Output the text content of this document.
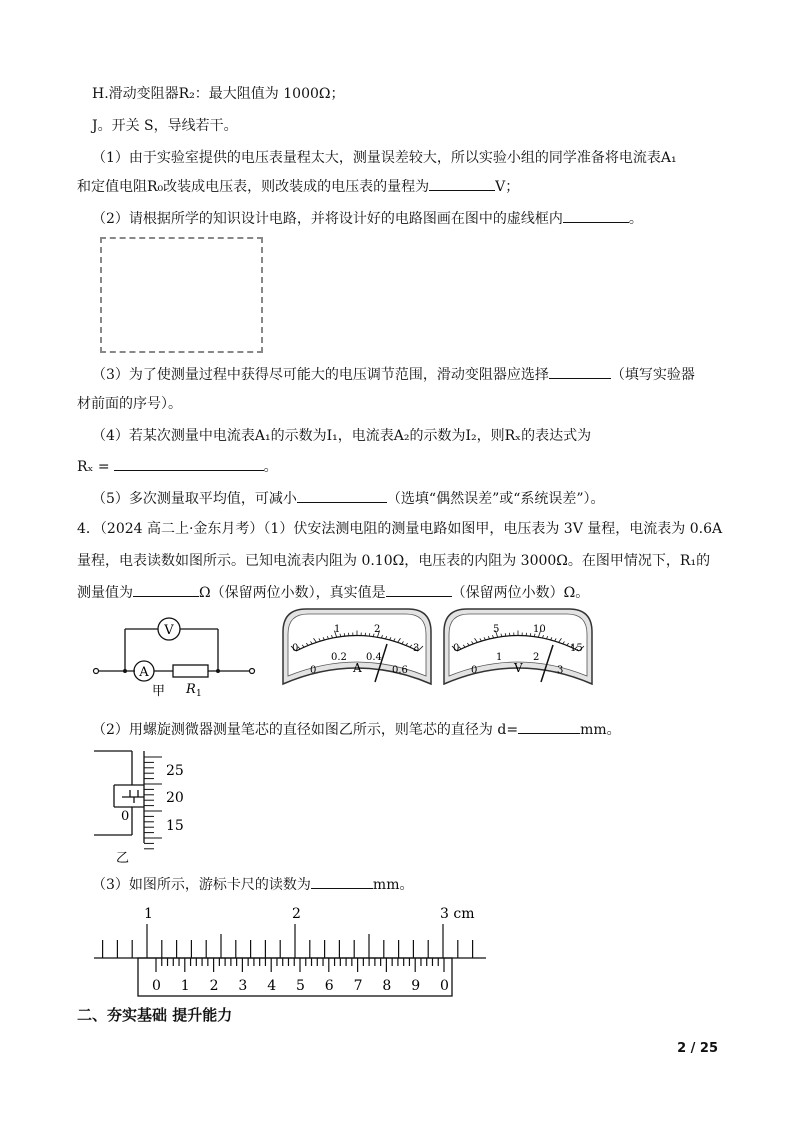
H.滑动变阻器R₂：最大阻值为 1000Ω；
J。开关 S，导线若干。
（1）由于实验室提供的电压表量程太大，测量误差较大，所以实验小组的同学准备将电流表A₁
和定值电阻R₀改装成电压表，则改装成的电压表的量程为	V；
（2）请根据所学的知识设计电路，并将设计好的电路图画在图中的虚线框内	。
（3）为了使测量过程中获得尽可能大的电压调节范围，滑动变阻器应选择	（填写实验器
材前面的序号）。
（4）若某次测量中电流表A₁的示数为I₁，电流表A₂的示数为I₂，则Rₓ的表达式为
Rₓ =	。
（5）多次测量取平均值，可减小	（选填“偶然误差”或“系统误差”）。
4．（2024 高二上·金东月考）（1）伏安法测电阻的测量电路如图甲，电压表为 3V 量程，电流表为 0.6A
量程，电表读数如图所示。已知电流表内阻为 0.10Ω，电压表的内阻为 3000Ω。在图甲情况下，R₁的
测量值为	Ω（保留两位小数），真实值是	（保留两位小数）Ω。
V
A
R 1
甲
0
1	2
3
0
0.2 0.4
0.6
A
0
5	10
15
0
1	2
3
V
（2）用螺旋测微器测量笔芯的直径如图乙所示，则笔芯的直径为 d=	mm。
25
20
15
0
乙
（3）如图所示，游标卡尺的读数为	mm。
1	2	3 cm
0 1 2 3 4 5 6 7 8 9 0
二、夯实基础 提升能力
2 / 25
